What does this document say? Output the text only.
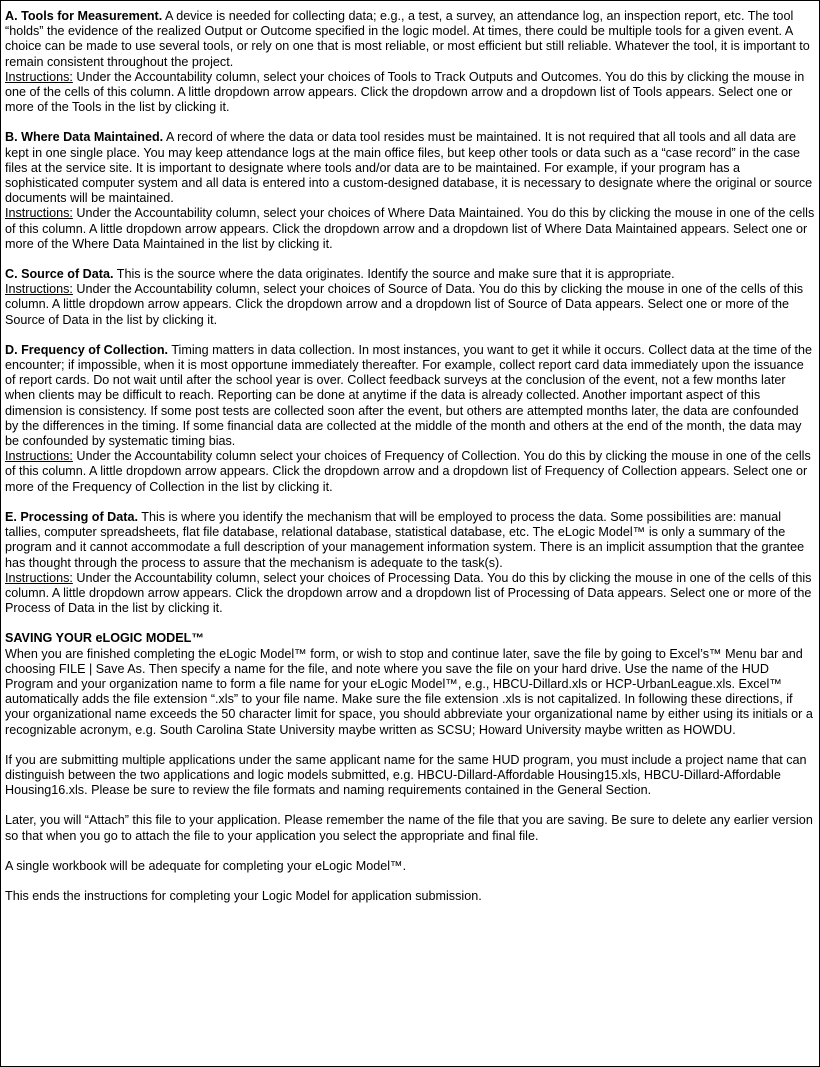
A. Tools for Measurement. A device is needed for collecting data; e.g., a test, a survey, an attendance log, an inspection report, etc. The tool “holds” the evidence of the realized Output or Outcome specified in the logic model. At times, there could be multiple tools for a given event. A choice can be made to use several tools, or rely on one that is most reliable, or most efficient but still reliable. Whatever the tool, it is important to remain consistent throughout the project.

Instructions: Under the Accountability column, select your choices of Tools to Track Outputs and Outcomes. You do this by clicking the mouse in one of the cells of this column. A little dropdown arrow appears. Click the dropdown arrow and a dropdown list of Tools appears. Select one or more of the Tools in the list by clicking it.

B. Where Data Maintained. A record of where the data or data tool resides must be maintained. It is not required that all tools and all data are kept in one single place. You may keep attendance logs at the main office files, but keep other tools or data such as a “case record” in the case files at the service site. It is important to designate where tools and/or data are to be maintained. For example, if your program has a sophisticated computer system and all data is entered into a custom-designed database, it is necessary to designate where the original or source documents will be maintained.

Instructions: Under the Accountability column, select your choices of Where Data Maintained. You do this by clicking the mouse in one of the cells of this column. A little dropdown arrow appears. Click the dropdown arrow and a dropdown list of Where Data Maintained appears. Select one or more of the Where Data Maintained in the list by clicking it.

C. Source of Data. This is the source where the data originates. Identify the source and make sure that it is appropriate.

Instructions: Under the Accountability column, select your choices of Source of Data. You do this by clicking the mouse in one of the cells of this column. A little dropdown arrow appears. Click the dropdown arrow and a dropdown list of Source of Data appears. Select one or more of the Source of Data in the list by clicking it.

D. Frequency of Collection. Timing matters in data collection. In most instances, you want to get it while it occurs. Collect data at the time of the encounter; if impossible, when it is most opportune immediately thereafter. For example, collect report card data immediately upon the issuance of report cards. Do not wait until after the school year is over. Collect feedback surveys at the conclusion of the event, not a few months later when clients may be difficult to reach. Reporting can be done at anytime if the data is already collected. Another important aspect of this dimension is consistency. If some post tests are collected soon after the event, but others are attempted months later, the data are confounded by the differences in the timing. If some financial data are collected at the middle of the month and others at the end of the month, the data may be confounded by systematic timing bias.

Instructions: Under the Accountability column select your choices of Frequency of Collection. You do this by clicking the mouse in one of the cells of this column. A little dropdown arrow appears. Click the dropdown arrow and a dropdown list of Frequency of Collection appears. Select one or more of the Frequency of Collection in the list by clicking it.

E. Processing of Data. This is where you identify the mechanism that will be employed to process the data. Some possibilities are: manual tallies, computer spreadsheets, flat file database, relational database, statistical database, etc. The eLogic Model™ is only a summary of the program and it cannot accommodate a full description of your management information system. There is an implicit assumption that the grantee has thought through the process to assure that the mechanism is adequate to the task(s).

Instructions: Under the Accountability column, select your choices of Processing Data. You do this by clicking the mouse in one of the cells of this column. A little dropdown arrow appears. Click the dropdown arrow and a dropdown list of Processing of Data appears. Select one or more of the Process of Data in the list by clicking it.

SAVING YOUR eLOGIC MODEL™

When you are finished completing the eLogic Model™ form, or wish to stop and continue later, save the file by going to Excel’s™ Menu bar and choosing FILE | Save As. Then specify a name for the file, and note where you save the file on your hard drive. Use the name of the HUD Program and your organization name to form a file name for your eLogic Model™, e.g., HBCU-Dillard.xls or HCP-UrbanLeague.xls. Excel™ automatically adds the file extension “.xls” to your file name. Make sure the file extension .xls is not capitalized. In following these directions, if your organizational name exceeds the 50 character limit for space, you should abbreviate your organizational name by either using its initials or a recognizable acronym, e.g. South Carolina State University maybe written as SCSU; Howard University maybe written as HOWDU.

If you are submitting multiple applications under the same applicant name for the same HUD program, you must include a project name that can distinguish between the two applications and logic models submitted, e.g. HBCU-Dillard-Affordable Housing15.xls, HBCU-Dillard-Affordable Housing16.xls. Please be sure to review the file formats and naming requirements contained in the General Section.

Later, you will “Attach” this file to your application. Please remember the name of the file that you are saving. Be sure to delete any earlier version so that when you go to attach the file to your application you select the appropriate and final file.

A single workbook will be adequate for completing your eLogic Model™.

This ends the instructions for completing your Logic Model for application submission.
